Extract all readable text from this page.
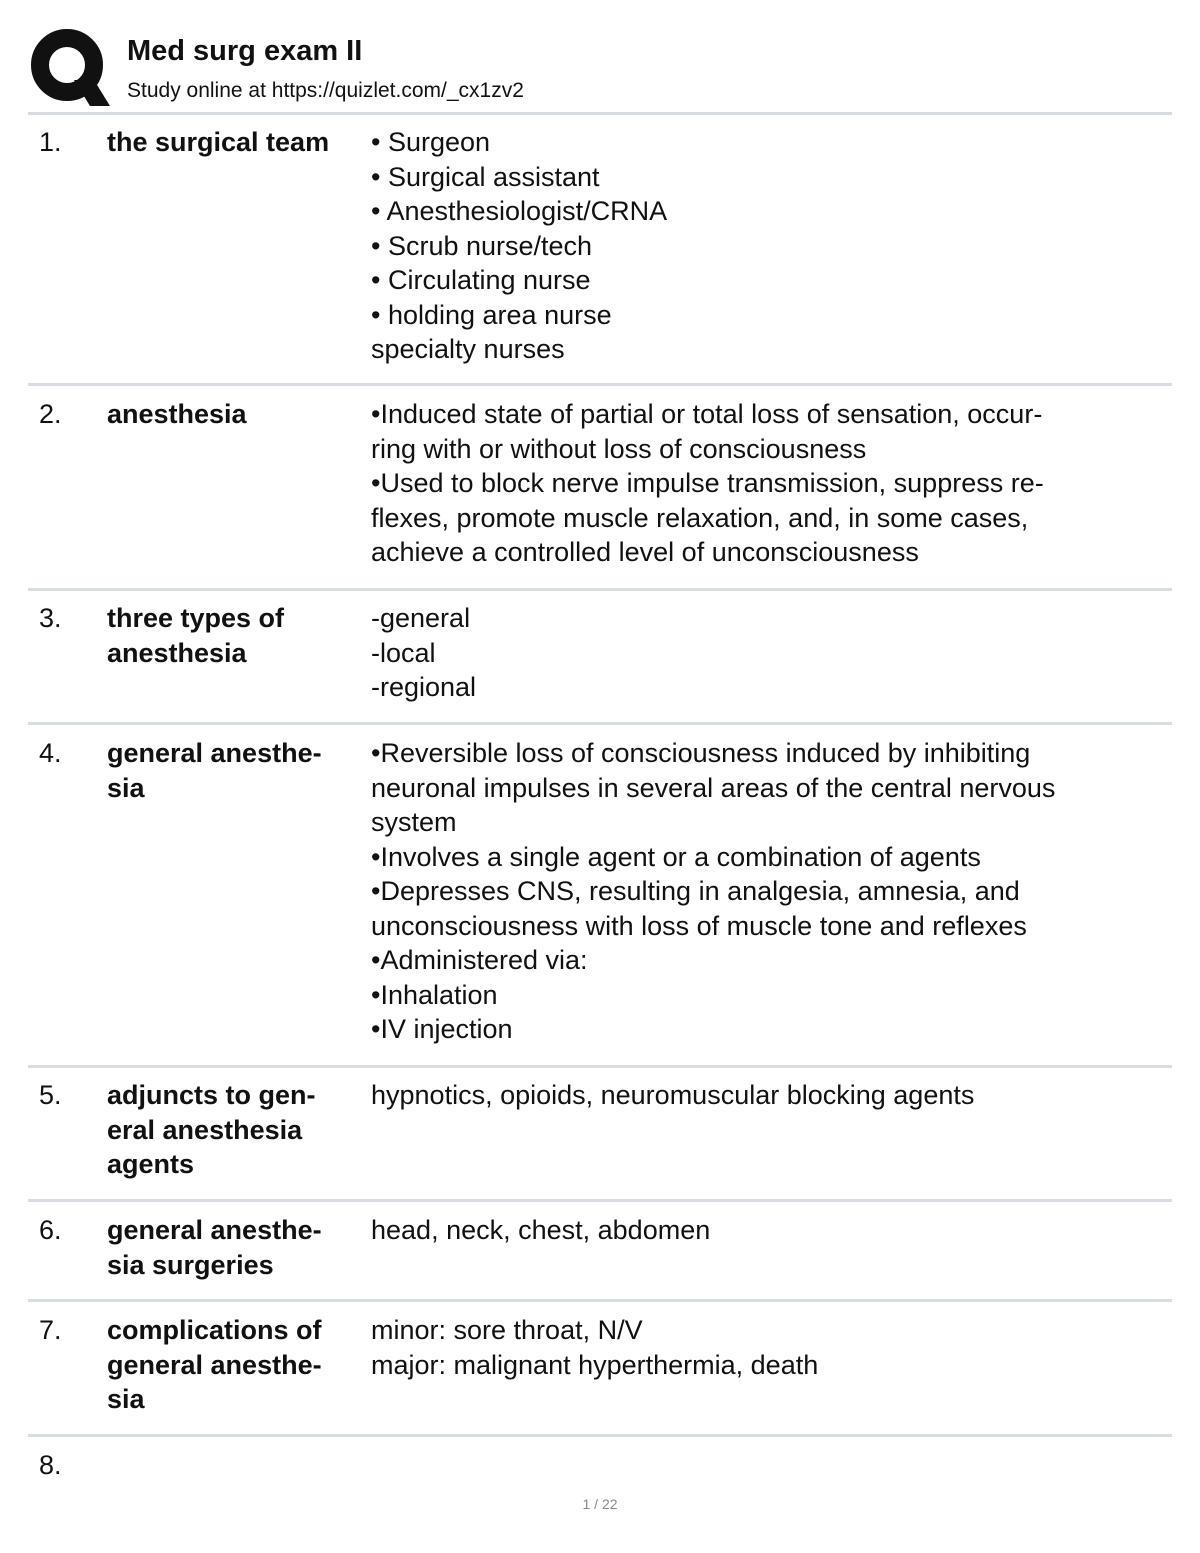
Med surg exam II
Study online at https://quizlet.com/_cx1zv2
1. the surgical team	• Surgeon
• Surgical assistant
• Anesthesiologist/CRNA
• Scrub nurse/tech
• Circulating nurse
• holding area nurse
specialty nurses
2. anesthesia	•Induced state of partial or total loss of sensation, occur-
ring with or without loss of consciousness
•Used to block nerve impulse transmission, suppress re-
flexes, promote muscle relaxation, and, in some cases,
achieve a controlled level of unconsciousness
3. three types of
anesthesia
-general
-local
-regional
4. general anesthe-
sia
•Reversible loss of consciousness induced by inhibiting
neuronal impulses in several areas of the central nervous
system
•Involves a single agent or a combination of agents
•Depresses CNS, resulting in analgesia, amnesia, and
unconsciousness with loss of muscle tone and reflexes
•Administered via:
•Inhalation
•IV injection
5. adjuncts to gen-
eral anesthesia
agents
hypnotics, opioids, neuromuscular blocking agents
6. general anesthe-
sia surgeries
head, neck, chest, abdomen
7. complications of
general anesthe-
sia
minor: sore throat, N/V
major: malignant hyperthermia, death
8.
1 / 22
